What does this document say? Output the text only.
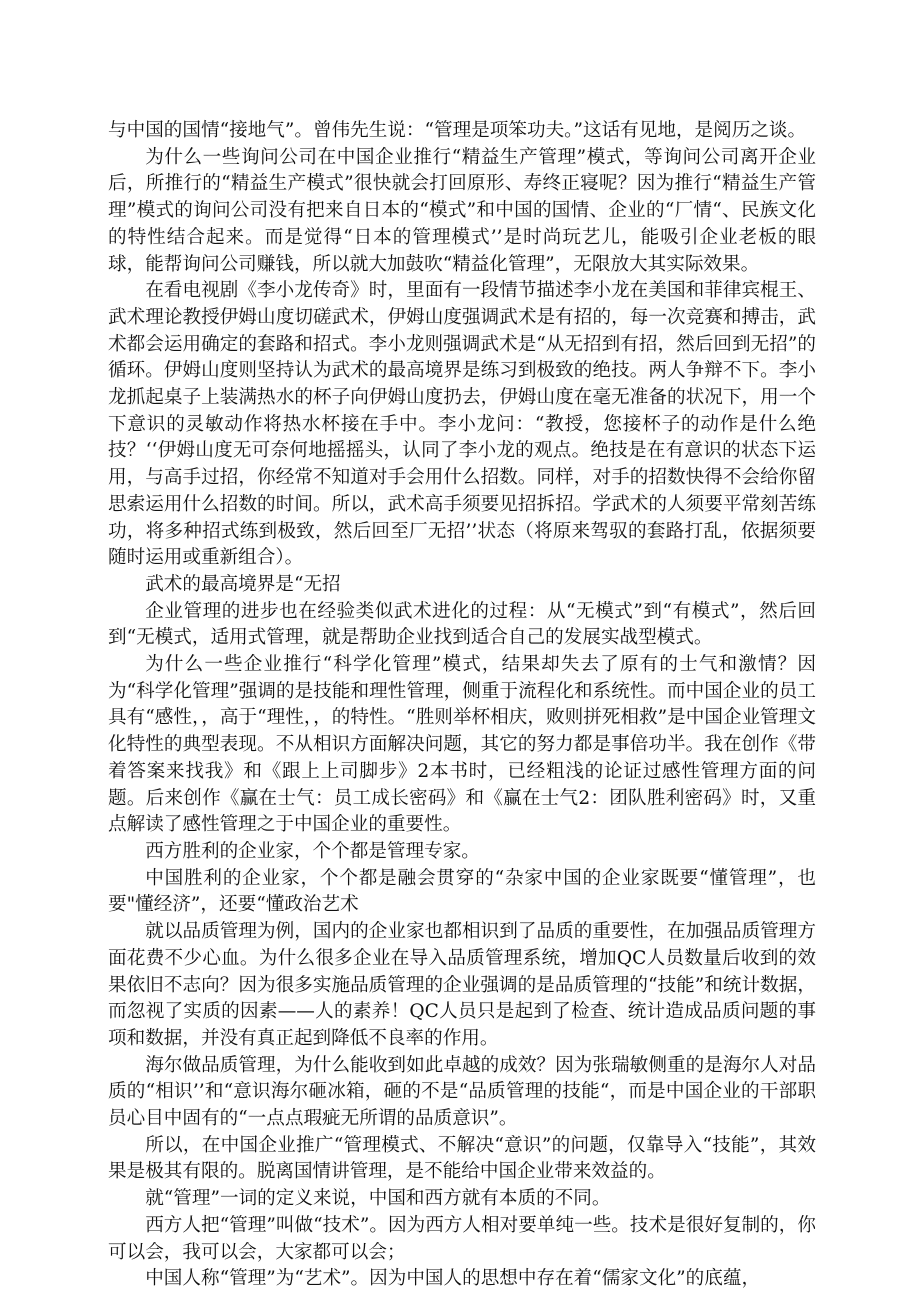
与中国的国情“接地气”。曾伟先生说：“管理是项笨功夫。”这话有见地，是阅历之谈。

为什么一些询问公司在中国企业推行“精益生产管理”模式，等询问公司离开企业后，所推行的“精益生产模式”很快就会打回原形、寿终正寝呢？因为推行“精益生产管理”模式的询问公司没有把来自日本的“模式”和中国的国情、企业的“厂情“、民族文化的特性结合起来。而是觉得“日本的管理模式’’是时尚玩艺儿，能吸引企业老板的眼球，能帮询问公司赚钱，所以就大加鼓吹“精益化管理”，无限放大其实际效果。

在看电视剧《李小龙传奇》时，里面有一段情节描述李小龙在美国和菲律宾棍王、武术理论教授伊姆山度切磋武术，伊姆山度强调武术是有招的，每一次竞赛和搏击，武术都会运用确定的套路和招式。李小龙则强调武术是“从无招到有招，然后回到无招”的循环。伊姆山度则坚持认为武术的最高境界是练习到极致的绝技。两人争辩不下。李小龙抓起桌子上装满热水的杯子向伊姆山度扔去，伊姆山度在毫无准备的状况下，用一个下意识的灵敏动作将热水杯接在手中。李小龙问：“教授，您接杯子的动作是什么绝技？‘‘伊姆山度无可奈何地摇摇头，认同了李小龙的观点。绝技是在有意识的状态下运用，与高手过招，你经常不知道对手会用什么招数。同样，对手的招数快得不会给你留思索运用什么招数的时间。所以，武术高手须要见招拆招。学武术的人须要平常刻苦练功，将多种招式练到极致，然后回至厂无招’’状态（将原来驾驭的套路打乱，依据须要随时运用或重新组合）。

武术的最高境界是“无招

企业管理的进步也在经验类似武术进化的过程：从“无模式”到“有模式”，然后回到“无模式，适用式管理，就是帮助企业找到适合自己的发展实战型模式。

为什么一些企业推行“科学化管理”模式，结果却失去了原有的士气和激情？因为“科学化管理”强调的是技能和理性管理，侧重于流程化和系统性。而中国企业的员工具有“感性，，高于“理性，，的特性。“胜则举杯相庆，败则拼死相救”是中国企业管理文化特性的典型表现。不从相识方面解决问题，其它的努力都是事倍功半。我在创作《带着答案来找我》和《跟上上司脚步》2本书时，已经粗浅的论证过感性管理方面的问题。后来创作《赢在士气：员工成长密码》和《赢在士气2：团队胜利密码》时，又重点解读了感性管理之于中国企业的重要性。

西方胜利的企业家，个个都是管理专家。

中国胜利的企业家，个个都是融会贯穿的“杂家中国的企业家既要“懂管理”，也要"懂经济”，还要“懂政治艺术

就以品质管理为例，国内的企业家也都相识到了品质的重要性，在加强品质管理方面花费不少心血。为什么很多企业在导入品质管理系统，增加QC人员数量后收到的效果依旧不志向？因为很多实施品质管理的企业强调的是品质管理的“技能”和统计数据，而忽视了实质的因素——人的素养！QC人员只是起到了检查、统计造成品质问题的事项和数据，并没有真正起到降低不良率的作用。

海尔做品质管理，为什么能收到如此卓越的成效？因为张瑞敏侧重的是海尔人对品质的“相识’’和“意识海尔砸冰箱，砸的不是“品质管理的技能“，而是中国企业的干部职员心目中固有的“一点点瑕疵无所谓的品质意识”。

所以，在中国企业推广“管理模式、不解决“意识”的问题，仅靠导入“技能”，其效果是极其有限的。脱离国情讲管理，是不能给中国企业带来效益的。

就“管理”一词的定义来说，中国和西方就有本质的不同。

西方人把“管理”叫做“技术”。因为西方人相对要单纯一些。技术是很好复制的，你可以会，我可以会，大家都可以会；

中国人称“管理”为“艺术”。因为中国人的思想中存在着“儒家文化”的底蕴，
